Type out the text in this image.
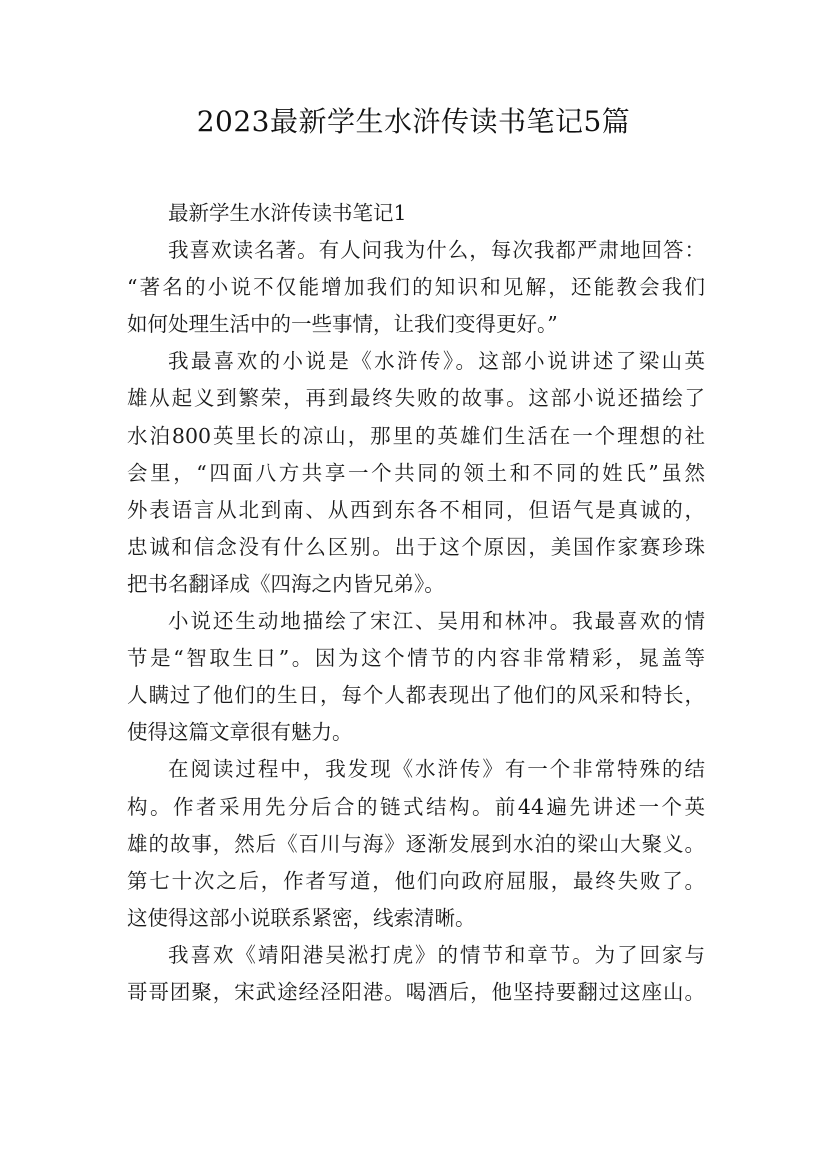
2023最新学生水浒传读书笔记5篇
最新学生水浒传读书笔记1
我喜欢读名著。有人问我为什么，每次我都严肃地回答：
“著名的小说不仅能增加我们的知识和见解，还能教会我们
如何处理生活中的一些事情，让我们变得更好。”
我最喜欢的小说是《水浒传》。这部小说讲述了梁山英
雄从起义到繁荣，再到最终失败的故事。这部小说还描绘了
水泊800英里长的凉山，那里的英雄们生活在一个理想的社
会里，“四面八方共享一个共同的领土和不同的姓氏”虽然
外表语言从北到南、从西到东各不相同，但语气是真诚的，
忠诚和信念没有什么区别。出于这个原因，美国作家赛珍珠
把书名翻译成《四海之内皆兄弟》。
小说还生动地描绘了宋江、吴用和林冲。我最喜欢的情
节是“智取生日”。因为这个情节的内容非常精彩，晁盖等
人瞒过了他们的生日，每个人都表现出了他们的风采和特长，
使得这篇文章很有魅力。
在阅读过程中，我发现《水浒传》有一个非常特殊的结
构。作者采用先分后合的链式结构。前44遍先讲述一个英
雄的故事，然后《百川与海》逐渐发展到水泊的梁山大聚义。
第七十次之后，作者写道，他们向政府屈服，最终失败了。
这使得这部小说联系紧密，线索清晰。
我喜欢《靖阳港吴淞打虎》的情节和章节。为了回家与
哥哥团聚，宋武途经泾阳港。喝酒后，他坚持要翻过这座山。
